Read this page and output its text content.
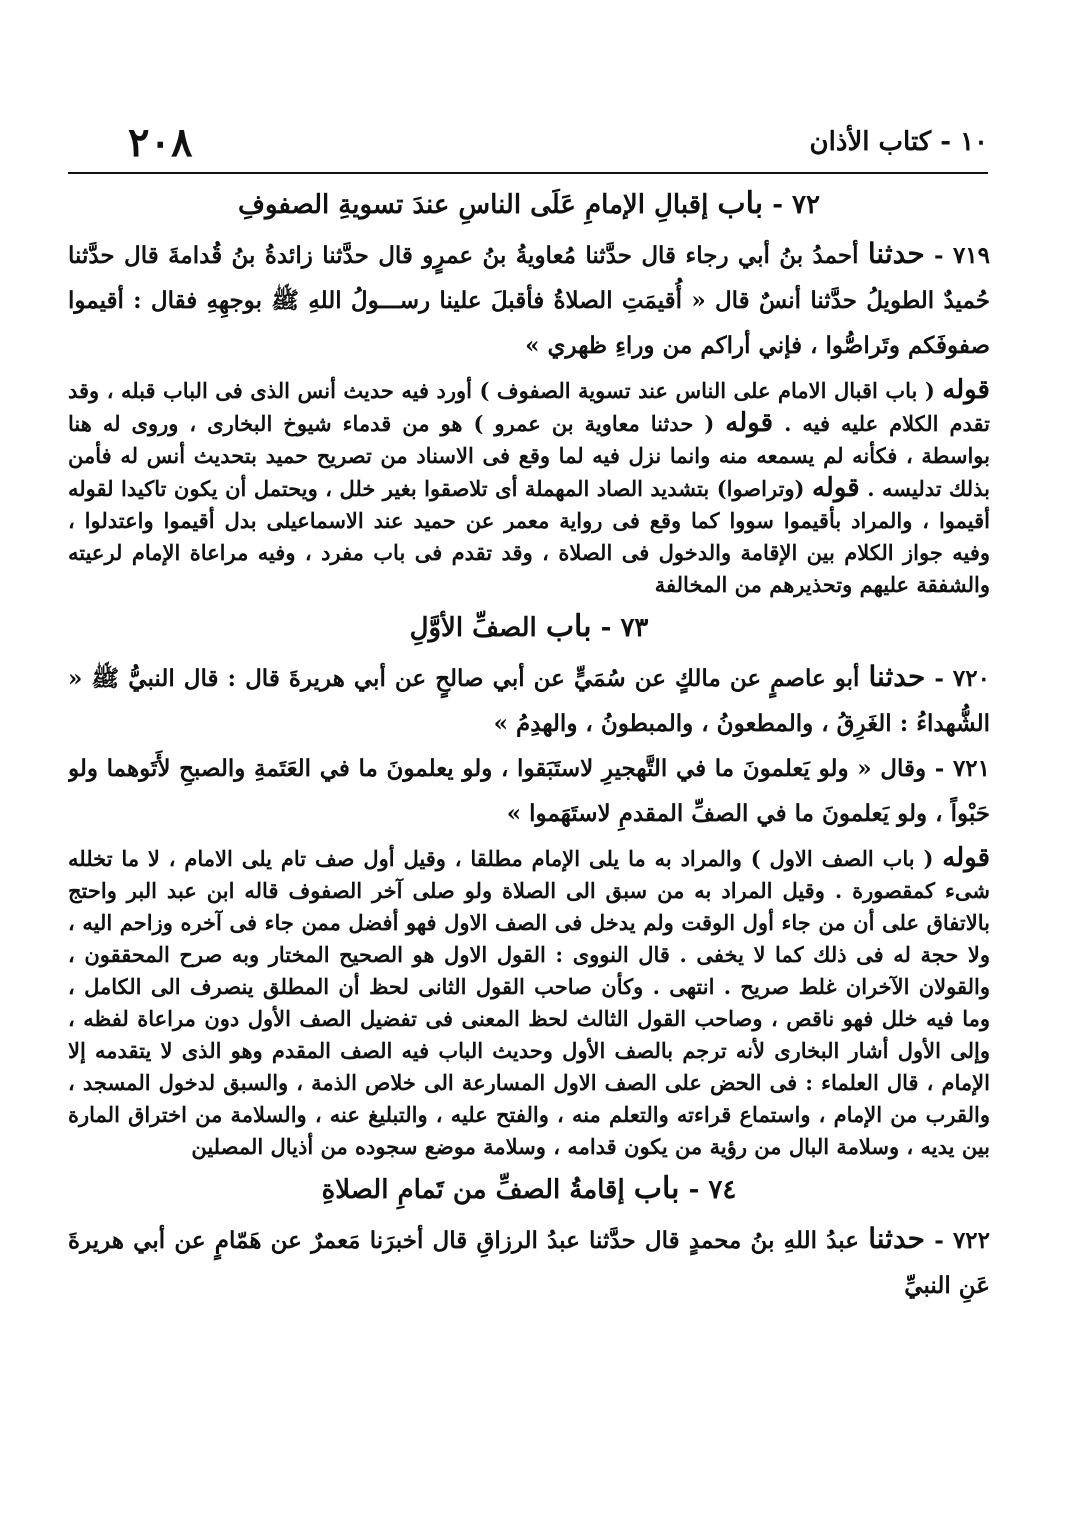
٢٠٨	١٠ - كتاب الأذان
٧٢ - باب إقبالِ الإمامِ عَلَى الناسِ عندَ تسويةِ الصفوفِ

٧١٩ - حدثنا أحمدُ بنُ أبي رجاء قال حدَّثنا مُعاويةُ بنُ عمرٍو قال حدَّثنا زائدةُ بنُ قُدامةَ قال حدَّثنا حُميدٌ الطويلُ حدَّثنا أنسٌ قال « أُقيمَتِ الصلاةُ فأقبلَ علينا رســـولُ اللهِ ﷺ بوجهِهِ فقال : أقيموا صفوفَكم وتَراصُّوا ، فإني أراكم من وراءِ ظهري »

قوله ( باب اقبال الامام على الناس عند تسوية الصفوف ) أورد فيه حديث أنس الذى فى الباب قبله ، وقد تقدم الكلام عليه فيه . قوله ( حدثنا معاوية بن عمرو ) هو من قدماء شيوخ البخارى ، وروى له هنا بواسطة ، فكأنه لم يسمعه منه وانما نزل فيه لما وقع فى الاسناد من تصريح حميد بتحديث أنس له فأمن بذلك تدليسه . قوله (وتراصوا) بتشديد الصاد المهملة أى تلاصقوا بغير خلل ، ويحتمل أن يكون تاكيدا لقوله أقيموا ، والمراد بأقيموا سووا كما وقع فى رواية معمر عن حميد عند الاسماعيلى بدل أقيموا واعتدلوا ، وفيه جواز الكلام بين الإقامة والدخول فى الصلاة ، وقد تقدم فى باب مفرد ، وفيه مراعاة الإمام لرعيته والشفقة عليهم وتحذيرهم من المخالفة

٧٣ - باب الصفِّ الأوَّلِ

٧٢٠ - حدثنا أبو عاصمٍ عن مالكٍ عن سُمَيٍّ عن أبي صالحٍ عن أبي هريرةَ قال : قال النبيُّ ﷺ « الشُّهداءُ : الغَرِقُ ، والمطعونُ ، والمبطونُ ، والهدِمُ »

٧٢١ - وقال « ولو يَعلمونَ ما في التَّهجيرِ لاستَبَقوا ، ولو يعلمونَ ما في العَتَمةِ والصبحِ لأَتَوهما ولو حَبْواً ، ولو يَعلمونَ ما في الصفِّ المقدمِ لاستَهَموا »

قوله ( باب الصف الاول ) والمراد به ما يلى الإمام مطلقا ، وقيل أول صف تام يلى الامام ، لا ما تخلله شىء كمقصورة . وقيل المراد به من سبق الى الصلاة ولو صلى آخر الصفوف قاله ابن عبد البر واحتج بالاتفاق على أن من جاء أول الوقت ولم يدخل فى الصف الاول فهو أفضل ممن جاء فى آخره وزاحم اليه ، ولا حجة له فى ذلك كما لا يخفى . قال النووى : القول الاول هو الصحيح المختار وبه صرح المحققون ، والقولان الآخران غلط صريح . انتهى . وكأن صاحب القول الثانى لحظ أن المطلق ينصرف الى الكامل ، وما فيه خلل فهو ناقص ، وصاحب القول الثالث لحظ المعنى فى تفضيل الصف الأول دون مراعاة لفظه ، وإلى الأول أشار البخارى لأنه ترجم بالصف الأول وحديث الباب فيه الصف المقدم وهو الذى لا يتقدمه إلا الإمام ، قال العلماء : فى الحض على الصف الاول المسارعة الى خلاص الذمة ، والسبق لدخول المسجد ، والقرب من الإمام ، واستماع قراءته والتعلم منه ، والفتح عليه ، والتبليغ عنه ، والسلامة من اختراق المارة بين يديه ، وسلامة البال من رؤية من يكون قدامه ، وسلامة موضع سجوده من أذيال المصلين

٧٤ - باب إقامةُ الصفِّ من تَمامِ الصلاةِ

٧٢٢ - حدثنا عبدُ اللهِ بنُ محمدٍ قال حدَّثنا عبدُ الرزاقِ قال أخبرَنا مَعمرٌ عن هَمّامٍ عن أبي هريرةَ عَنِ النبيِّ
